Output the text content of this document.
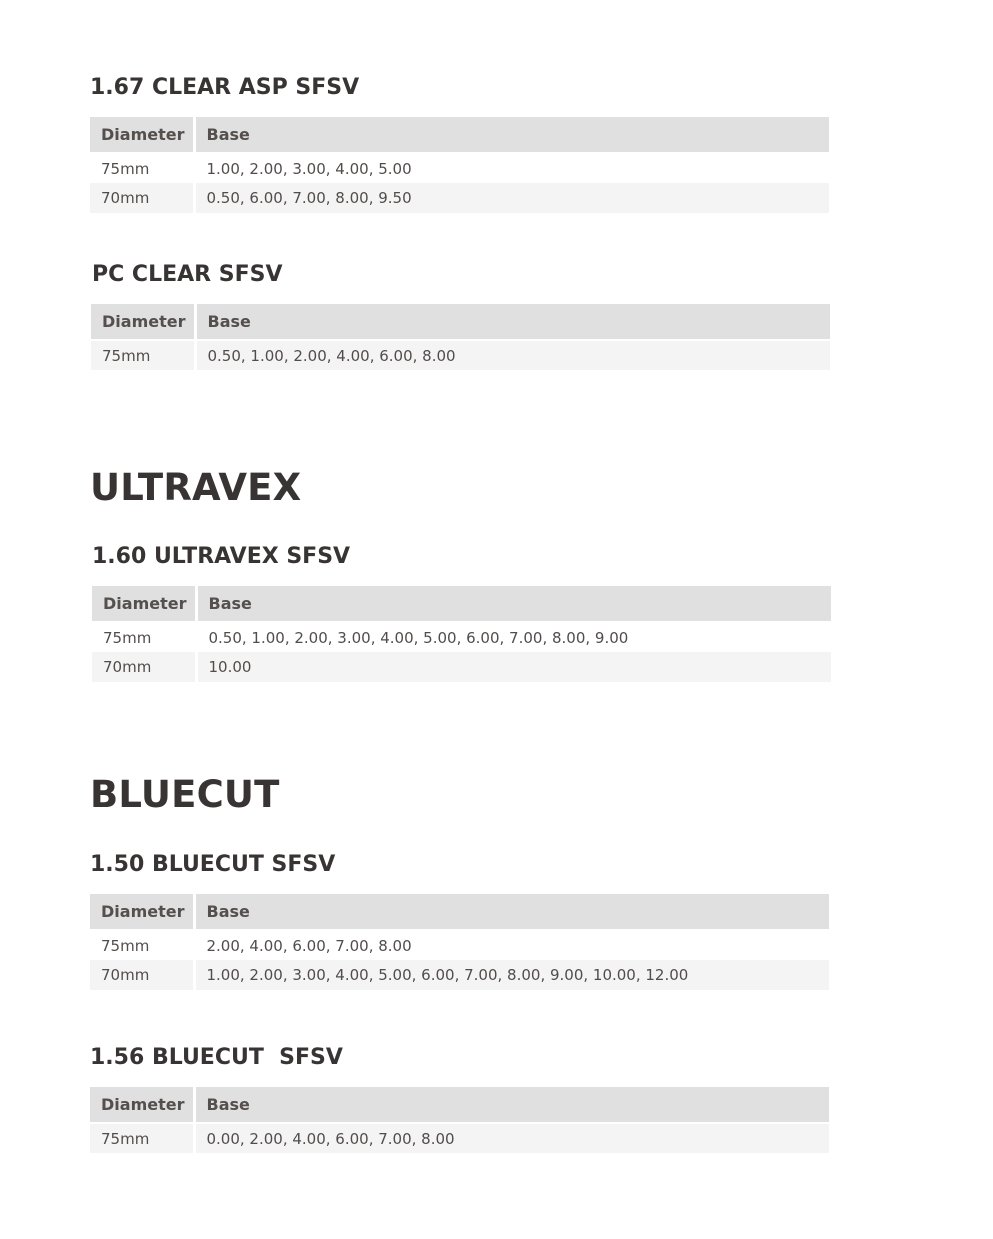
1.67 CLEAR ASP SFSV
Diameter	Base
75mm	1.00, 2.00, 3.00, 4.00, 5.00
70mm	0.50, 6.00, 7.00, 8.00, 9.50
PC CLEAR SFSV
Diameter	Base
75mm	0.50, 1.00, 2.00, 4.00, 6.00, 8.00
ULTRAVEX
1.60 ULTRAVEX SFSV
Diameter	Base
75mm	0.50, 1.00, 2.00, 3.00, 4.00, 5.00, 6.00, 7.00, 8.00, 9.00
70mm	10.00
BLUECUT
1.50 BLUECUT SFSV
Diameter	Base
75mm	2.00, 4.00, 6.00, 7.00, 8.00
70mm	1.00, 2.00, 3.00, 4.00, 5.00, 6.00, 7.00, 8.00, 9.00, 10.00, 12.00
1.56 BLUECUT  SFSV
Diameter	Base
75mm	0.00, 2.00, 4.00, 6.00, 7.00, 8.00
